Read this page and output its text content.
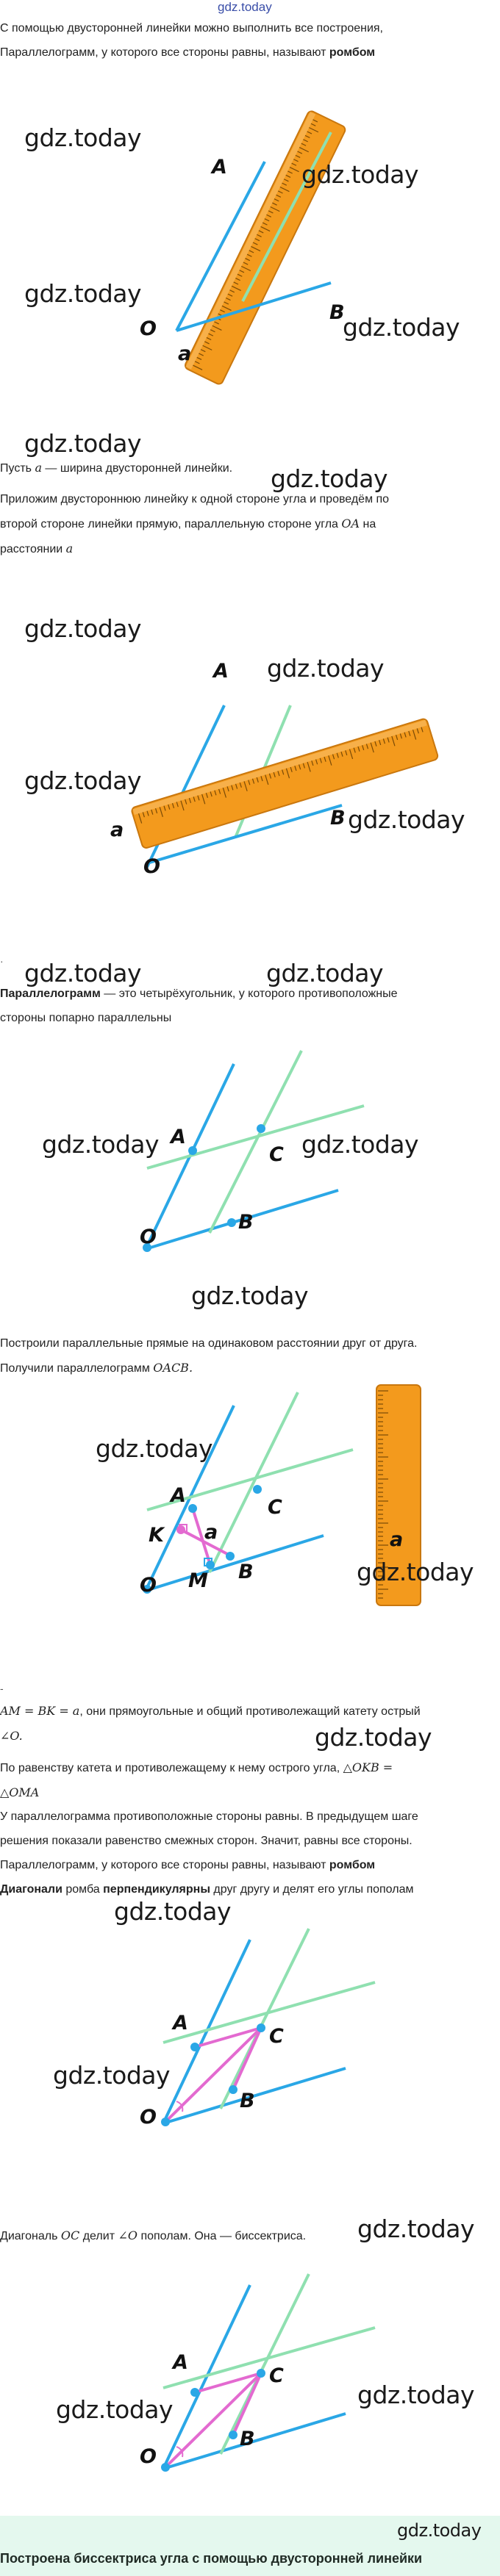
gdz.today
С помощью двусторонней линейки можно выполнить все построения,
Параллелограмм, у которого все стороны равны, называют ромбом
A
O
B
a
gdz.today
gdz.today
gdz.today
gdz.today
gdz.today
gdz.today
Пусть a — ширина двусторонней линейки.
Приложим двустороннюю линейку к одной стороне угла и проведём по
второй стороне линейки прямую, параллельную стороне угла OA на
расстоянии a
A
O
B
a
gdz.today
gdz.today
gdz.today
gdz.today
gdz.today	gdz.today
·
Параллелограмм — это четырёхугольник, у которого противоположные
стороны попарно параллельны
A
C
B
O
gdz.today	gdz.today
gdz.today
Построили параллельные прямые на одинаковом расстоянии друг от друга.
Получили параллелограмм OACB.
A
C
K a
B
M
O
a
gdz.today
gdz.today
gdz.today
-
AM = BK = a, они прямоугольные и общий противолежащий катету острый
∠O.
По равенству катета и противолежащему к нему острого угла, △OKB =
△OMA
У параллелограмма противоположные стороны равны. В предыдущем шаге
решения показали равенство смежных сторон. Значит, равны все стороны.
Параллелограмм, у которого все стороны равны, называют ромбом
Диагонали ромба перпендикулярны друг другу и делят его углы пополам
A
C
B
O
gdz.today
gdz.today
gdz.today
Диагональ OC делит ∠O пополам. Она — биссектриса.
A
C
B
O
gdz.today
gdz.today
gdz.today
Построена биссектриса угла с помощью двусторонней линейки
